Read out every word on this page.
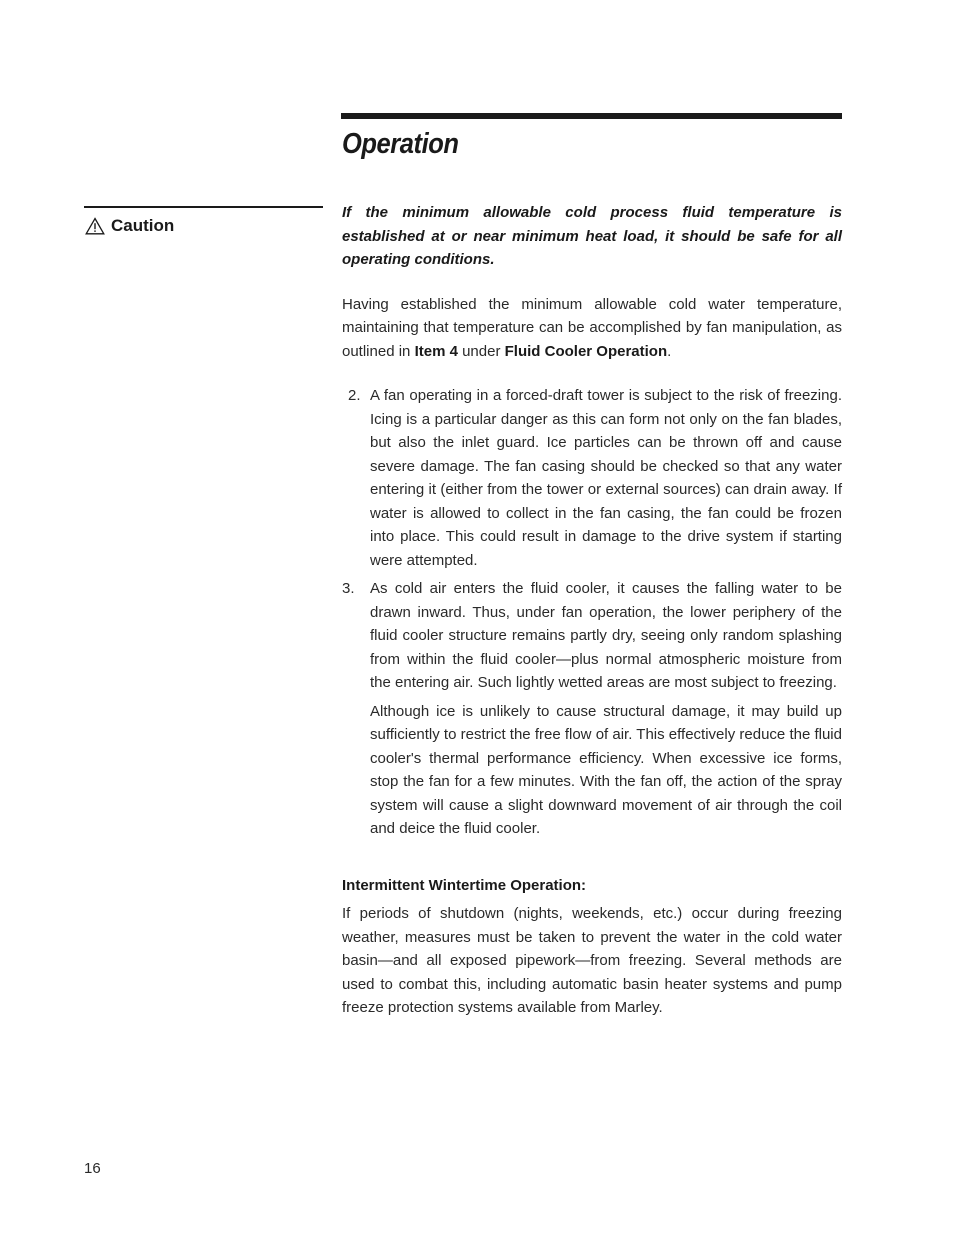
Operation
Caution

If the minimum allowable cold process fluid temperature is established at or near minimum heat load, it should be safe for all operating conditions.

Having established the minimum allowable cold water temperature, maintaining that temperature can be accomplished by fan manipulation, as outlined in Item 4 under Fluid Cooler Operation.

2. A fan operating in a forced-draft tower is subject to the risk of freezing. Icing is a particular danger as this can form not only on the fan blades, but also the inlet guard. Ice particles can be thrown off and cause severe damage. The fan casing should be checked so that any water entering it (either from the tower or external sources) can drain away. If water is allowed to collect in the fan casing, the fan could be frozen into place. This could result in damage to the drive system if starting were attempted.

3.	As cold air enters the fluid cooler, it causes the falling water to be drawn inward. Thus, under fan operation, the lower periphery of the fluid cooler structure remains partly dry, seeing only random splashing from within the fluid cooler—plus normal atmospheric moisture from the entering air. Such lightly wetted areas are most subject to freezing.

Although ice is unlikely to cause structural damage, it may build up sufficiently to restrict the free flow of air. This effectively reduce the fluid cooler's thermal performance efficiency. When excessive ice forms, stop the fan for a few minutes. With the fan off, the action of the spray system will cause a slight downward movement of air through the coil and deice the fluid cooler.

Intermittent Wintertime Operation:

If periods of shutdown (nights, weekends, etc.) occur during freezing weather, measures must be taken to prevent the water in the cold water basin—and all exposed pipework—from freezing. Several methods are used to combat this, including automatic basin heater systems and pump freeze protection systems available from Marley.

16
